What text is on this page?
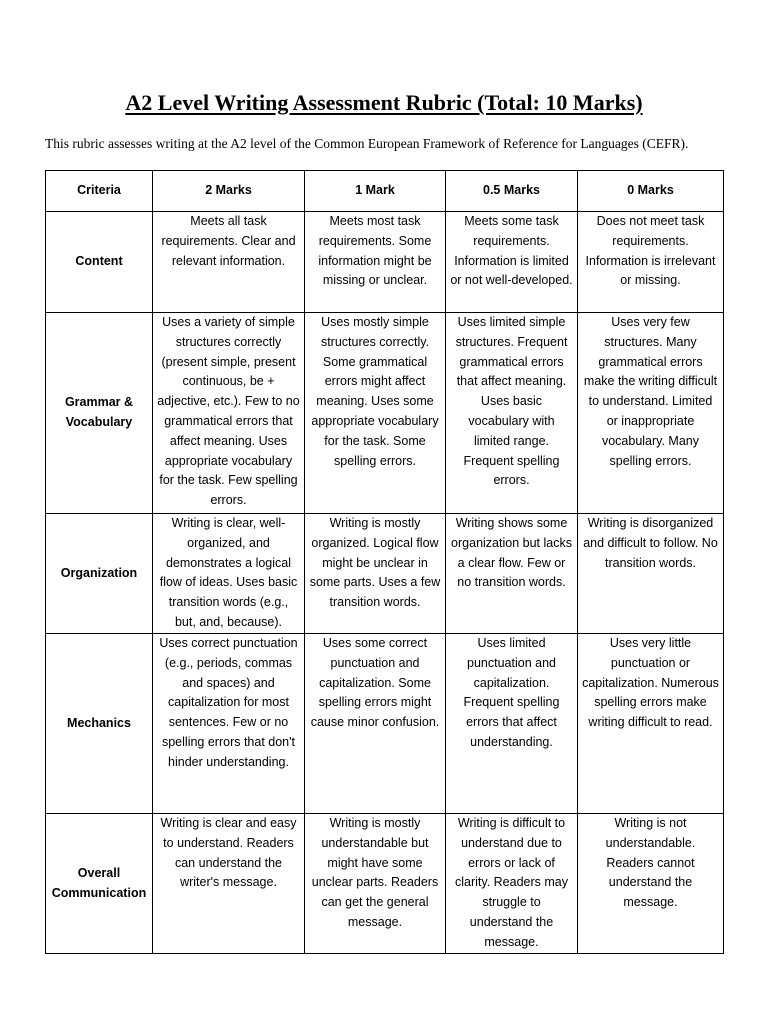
A2 Level Writing Assessment Rubric (Total: 10 Marks)
This rubric assesses writing at the A2 level of the Common European Framework of Reference for Languages (CEFR).
Criteria	2 Marks	1 Mark	0.5 Marks	0 Marks
Content	Meets all task requirements. Clear and relevant information.	Meets most task requirements. Some information might be missing or unclear.	Meets some task requirements. Information is limited or not well-developed.	Does not meet task requirements. Information is irrelevant or missing.
Grammar & Vocabulary	Uses a variety of simple structures correctly (present simple, present continuous, be + adjective, etc.). Few to no grammatical errors that affect meaning. Uses appropriate vocabulary for the task. Few spelling errors.	Uses mostly simple structures correctly. Some grammatical errors might affect meaning. Uses some appropriate vocabulary for the task. Some spelling errors.	Uses limited simple structures. Frequent grammatical errors that affect meaning. Uses basic vocabulary with limited range. Frequent spelling errors.	Uses very few structures. Many grammatical errors make the writing difficult to understand. Limited or inappropriate vocabulary. Many spelling errors.
Organization	Writing is clear, well-organized, and demonstrates a logical flow of ideas. Uses basic transition words (e.g., but, and, because).	Writing is mostly organized. Logical flow might be unclear in some parts. Uses a few transition words.	Writing shows some organization but lacks a clear flow. Few or no transition words.	Writing is disorganized and difficult to follow. No transition words.
Mechanics	Uses correct punctuation (e.g., periods, commas and spaces) and capitalization for most sentences. Few or no spelling errors that don't hinder understanding.	Uses some correct punctuation and capitalization. Some spelling errors might cause minor confusion.	Uses limited punctuation and capitalization. Frequent spelling errors that affect understanding.	Uses very little punctuation or capitalization. Numerous spelling errors make writing difficult to read.
Overall Communication	Writing is clear and easy to understand. Readers can understand the writer's message.	Writing is mostly understandable but might have some unclear parts. Readers can get the general message.	Writing is difficult to understand due to errors or lack of clarity. Readers may struggle to understand the message.	Writing is not understandable. Readers cannot understand the message.
